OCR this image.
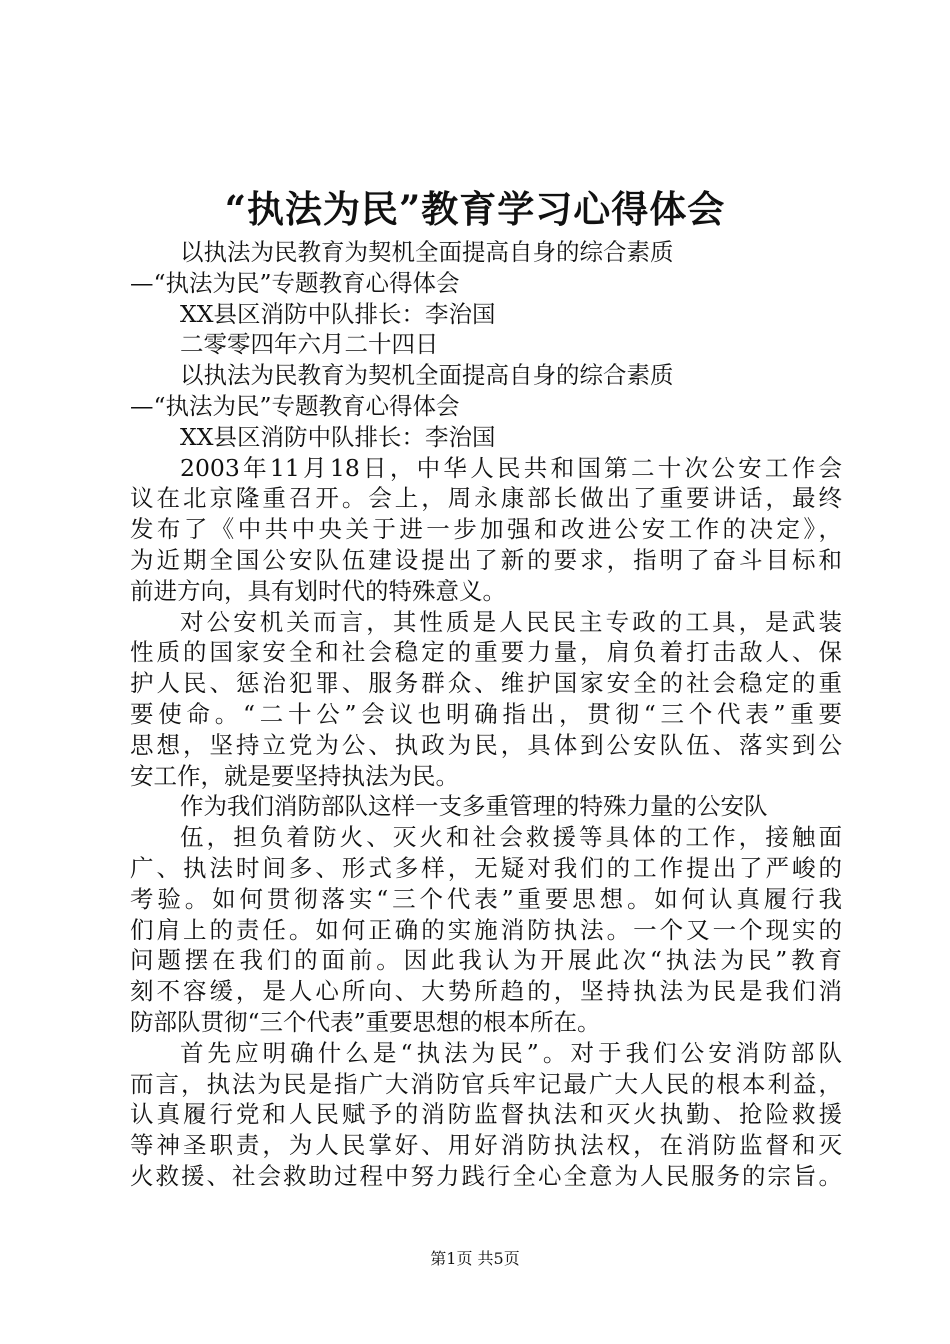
“执法为民”教育学习心得体会
以执法为民教育为契机全面提高自身的综合素质
—“执法为民”专题教育心得体会
XX县区消防中队排长：李治国
二零零四年六月二十四日
以执法为民教育为契机全面提高自身的综合素质
—“执法为民”专题教育心得体会
XX县区消防中队排长：李治国
2003年11月18日，中华人民共和国第二十次公安工作会
议在北京隆重召开。会上，周永康部长做出了重要讲话，最终
发布了《中共中央关于进一步加强和改进公安工作的决定》，
为近期全国公安队伍建设提出了新的要求，指明了奋斗目标和
前进方向，具有划时代的特殊意义。
对公安机关而言，其性质是人民民主专政的工具，是武装
性质的国家安全和社会稳定的重要力量，肩负着打击敌人、保
护人民、惩治犯罪、服务群众、维护国家安全的社会稳定的重
要使命。“二十公”会议也明确指出，贯彻“三个代表”重要
思想，坚持立党为公、执政为民，具体到公安队伍、落实到公
安工作，就是要坚持执法为民。
作为我们消防部队这样一支多重管理的特殊力量的公安队
伍，担负着防火、灭火和社会救援等具体的工作，接触面
广、执法时间多、形式多样，无疑对我们的工作提出了严峻的
考验。如何贯彻落实“三个代表”重要思想。如何认真履行我
们肩上的责任。如何正确的实施消防执法。一个又一个现实的
问题摆在我们的面前。因此我认为开展此次“执法为民”教育
刻不容缓，是人心所向、大势所趋的，坚持执法为民是我们消
防部队贯彻“三个代表”重要思想的根本所在。
首先应明确什么是“执法为民”。对于我们公安消防部队
而言，执法为民是指广大消防官兵牢记最广大人民的根本利益，
认真履行党和人民赋予的消防监督执法和灭火执勤、抢险救援
等神圣职责，为人民掌好、用好消防执法权，在消防监督和灭
火救援、社会救助过程中努力践行全心全意为人民服务的宗旨。
第1页 共5页
